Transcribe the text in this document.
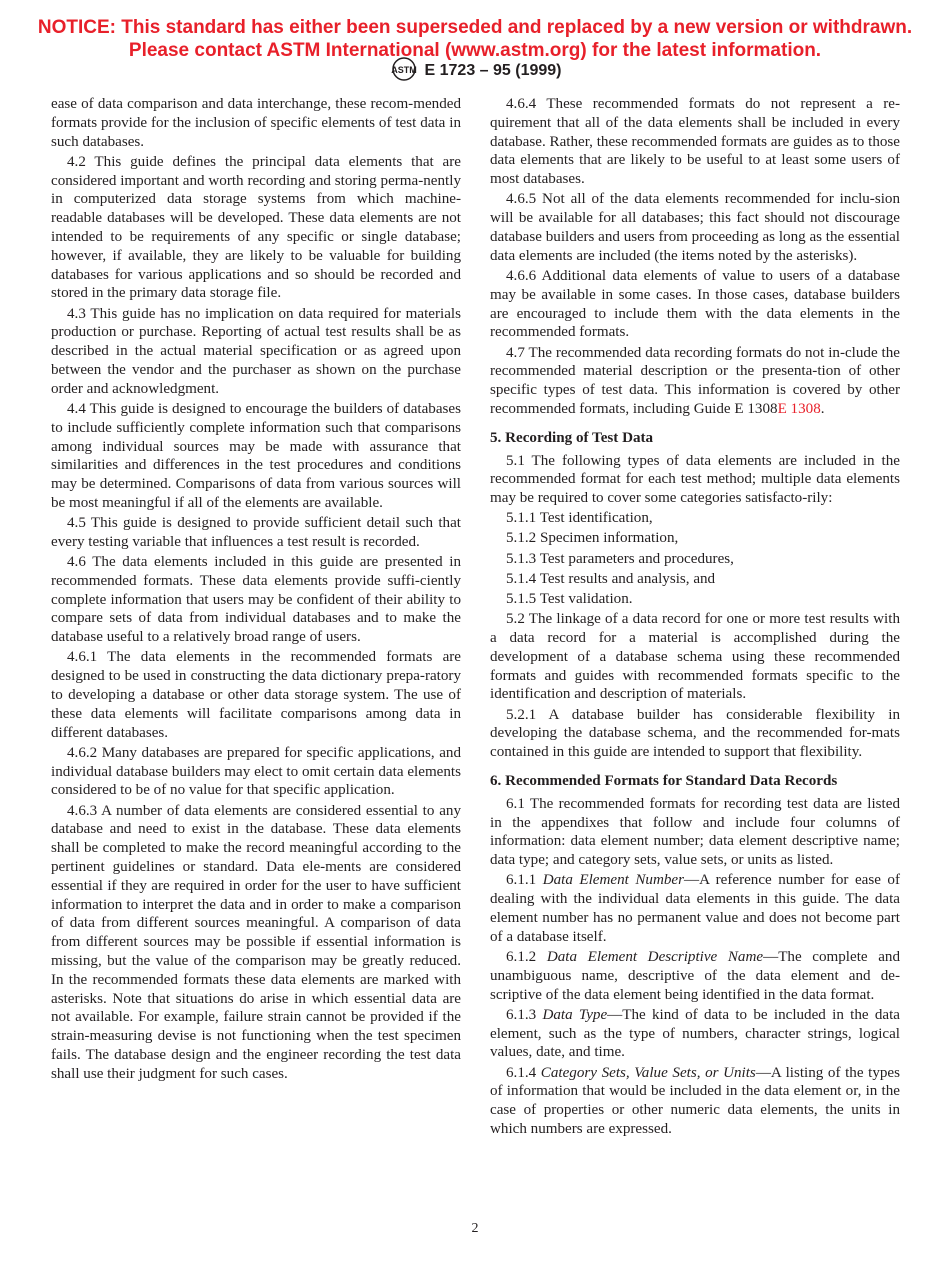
NOTICE: This standard has either been superseded and replaced by a new version or withdrawn.
Please contact ASTM International (www.astm.org) for the latest information.
ASTM E 1723 – 95 (1999)

ease of data comparison and data interchange, these recom-mended formats provide for the inclusion of specific elements of test data in such databases.

4.2 This guide defines the principal data elements that are considered important and worth recording and storing perma-nently in computerized data storage systems from which machine-readable databases will be developed. These data elements are not intended to be requirements of any specific or single database; however, if available, they are likely to be valuable for building databases for various applications and so should be recorded and stored in the primary data storage file.

4.3 This guide has no implication on data required for materials production or purchase. Reporting of actual test results shall be as described in the actual material specification or as agreed upon between the vendor and the purchaser as shown on the purchase order and acknowledgment.

4.4 This guide is designed to encourage the builders of databases to include sufficiently complete information such that comparisons among individual sources may be made with assurance that similarities and differences in the test procedures and conditions may be determined. Comparisons of data from various sources will be most meaningful if all of the elements are available.

4.5 This guide is designed to provide sufficient detail such that every testing variable that influences a test result is recorded.

4.6 The data elements included in this guide are presented in recommended formats. These data elements provide suffi-ciently complete information that users may be confident of their ability to compare sets of data from individual databases and to make the database useful to a relatively broad range of users.

4.6.1 The data elements in the recommended formats are designed to be used in constructing the data dictionary prepa-ratory to developing a database or other data storage system. The use of these data elements will facilitate comparisons among data in different databases.

4.6.2 Many databases are prepared for specific applications, and individual database builders may elect to omit certain data elements considered to be of no value for that specific application.

4.6.3 A number of data elements are considered essential to any database and need to exist in the database. These data elements shall be completed to make the record meaningful according to the pertinent guidelines or standard. Data ele-ments are considered essential if they are required in order for the user to have sufficient information to interpret the data and in order to make a comparison of data from different sources meaningful. A comparison of data from different sources may be possible if essential information is missing, but the value of the comparison may be greatly reduced. In the recommended formats these data elements are marked with asterisks. Note that situations do arise in which essential data are not available. For example, failure strain cannot be provided if the strain-measuring devise is not functioning when the test specimen fails. The database design and the engineer recording the test data shall use their judgment for such cases.

4.6.4 These recommended formats do not represent a re-quirement that all of the data elements shall be included in every database. Rather, these recommended formats are guides as to those data elements that are likely to be useful to at least some users of most databases.

4.6.5 Not all of the data elements recommended for inclu-sion will be available for all databases; this fact should not discourage database builders and users from proceeding as long as the essential data elements are included (the items noted by the asterisks).

4.6.6 Additional data elements of value to users of a database may be available in some cases. In those cases, database builders are encouraged to include them with the data elements in the recommended formats.

4.7 The recommended data recording formats do not in-clude the recommended material description or the presenta-tion of other specific types of test data. This information is covered by other recommended formats, including Guide E 1308E 1308.

5. Recording of Test Data

5.1 The following types of data elements are included in the recommended format for each test method; multiple data elements may be required to cover some categories satisfacto-rily:

5.1.1 Test identification,

5.1.2 Specimen information,

5.1.3 Test parameters and procedures,

5.1.4 Test results and analysis, and

5.1.5 Test validation.

5.2 The linkage of a data record for one or more test results with a data record for a material is accomplished during the development of a database schema using these recommended formats and guides with recommended formats specific to the identification and description of materials.

5.2.1 A database builder has considerable flexibility in developing the database schema, and the recommended for-mats contained in this guide are intended to support that flexibility.

6. Recommended Formats for Standard Data Records

6.1 The recommended formats for recording test data are listed in the appendixes that follow and include four columns of information: data element number; data element descriptive name; data type; and category sets, value sets, or units as listed.

6.1.1 Data Element Number—A reference number for ease of dealing with the individual data elements in this guide. The data element number has no permanent value and does not become part of a database itself.

6.1.2 Data Element Descriptive Name—The complete and unambiguous name, descriptive of the data element and de-scriptive of the data element being identified in the data format.

6.1.3 Data Type—The kind of data to be included in the data element, such as the type of numbers, character strings, logical values, date, and time.

6.1.4 Category Sets, Value Sets, or Units—A listing of the types of information that would be included in the data element or, in the case of properties or other numeric data elements, the units in which numbers are expressed.

2
